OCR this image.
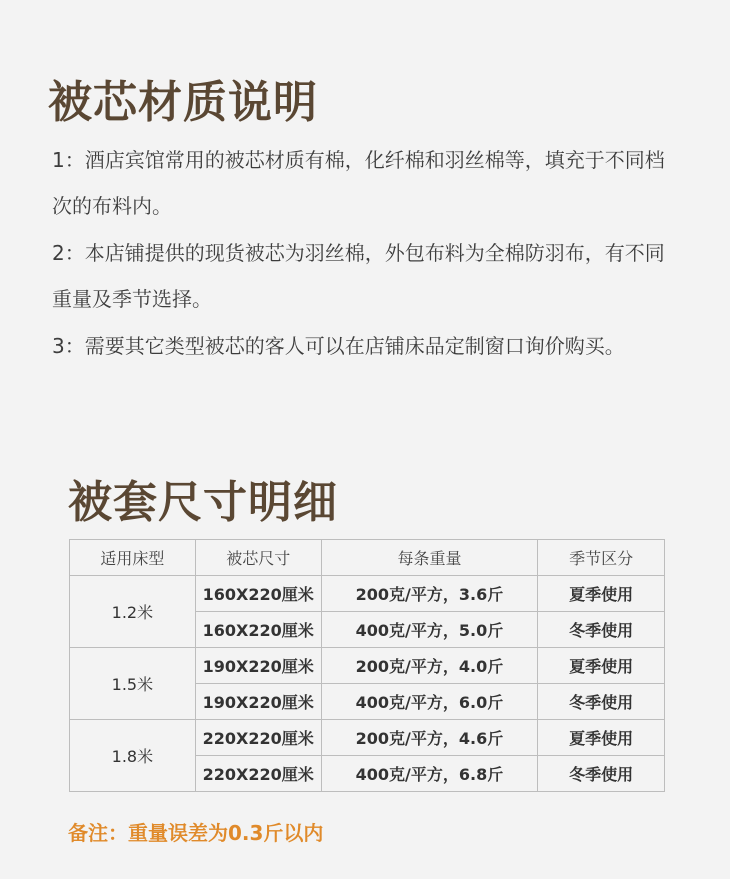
被芯材质说明
1：酒店宾馆常用的被芯材质有棉，化纤棉和羽丝棉等，填充于不同档次的布料内。
2：本店铺提供的现货被芯为羽丝棉，外包布料为全棉防羽布，有不同重量及季节选择。
3：需要其它类型被芯的客人可以在店铺床品定制窗口询价购买。
被套尺寸明细
适用床型	被芯尺寸	每条重量	季节区分
1.2米	160X220厘米	200克/平方，3.6斤	夏季使用
	160X220厘米	400克/平方，5.0斤	冬季使用
1.5米	190X220厘米	200克/平方，4.0斤	夏季使用
	190X220厘米	400克/平方，6.0斤	冬季使用
1.8米	220X220厘米	200克/平方，4.6斤	夏季使用
	220X220厘米	400克/平方，6.8斤	冬季使用
备注：重量误差为0.3斤以内
